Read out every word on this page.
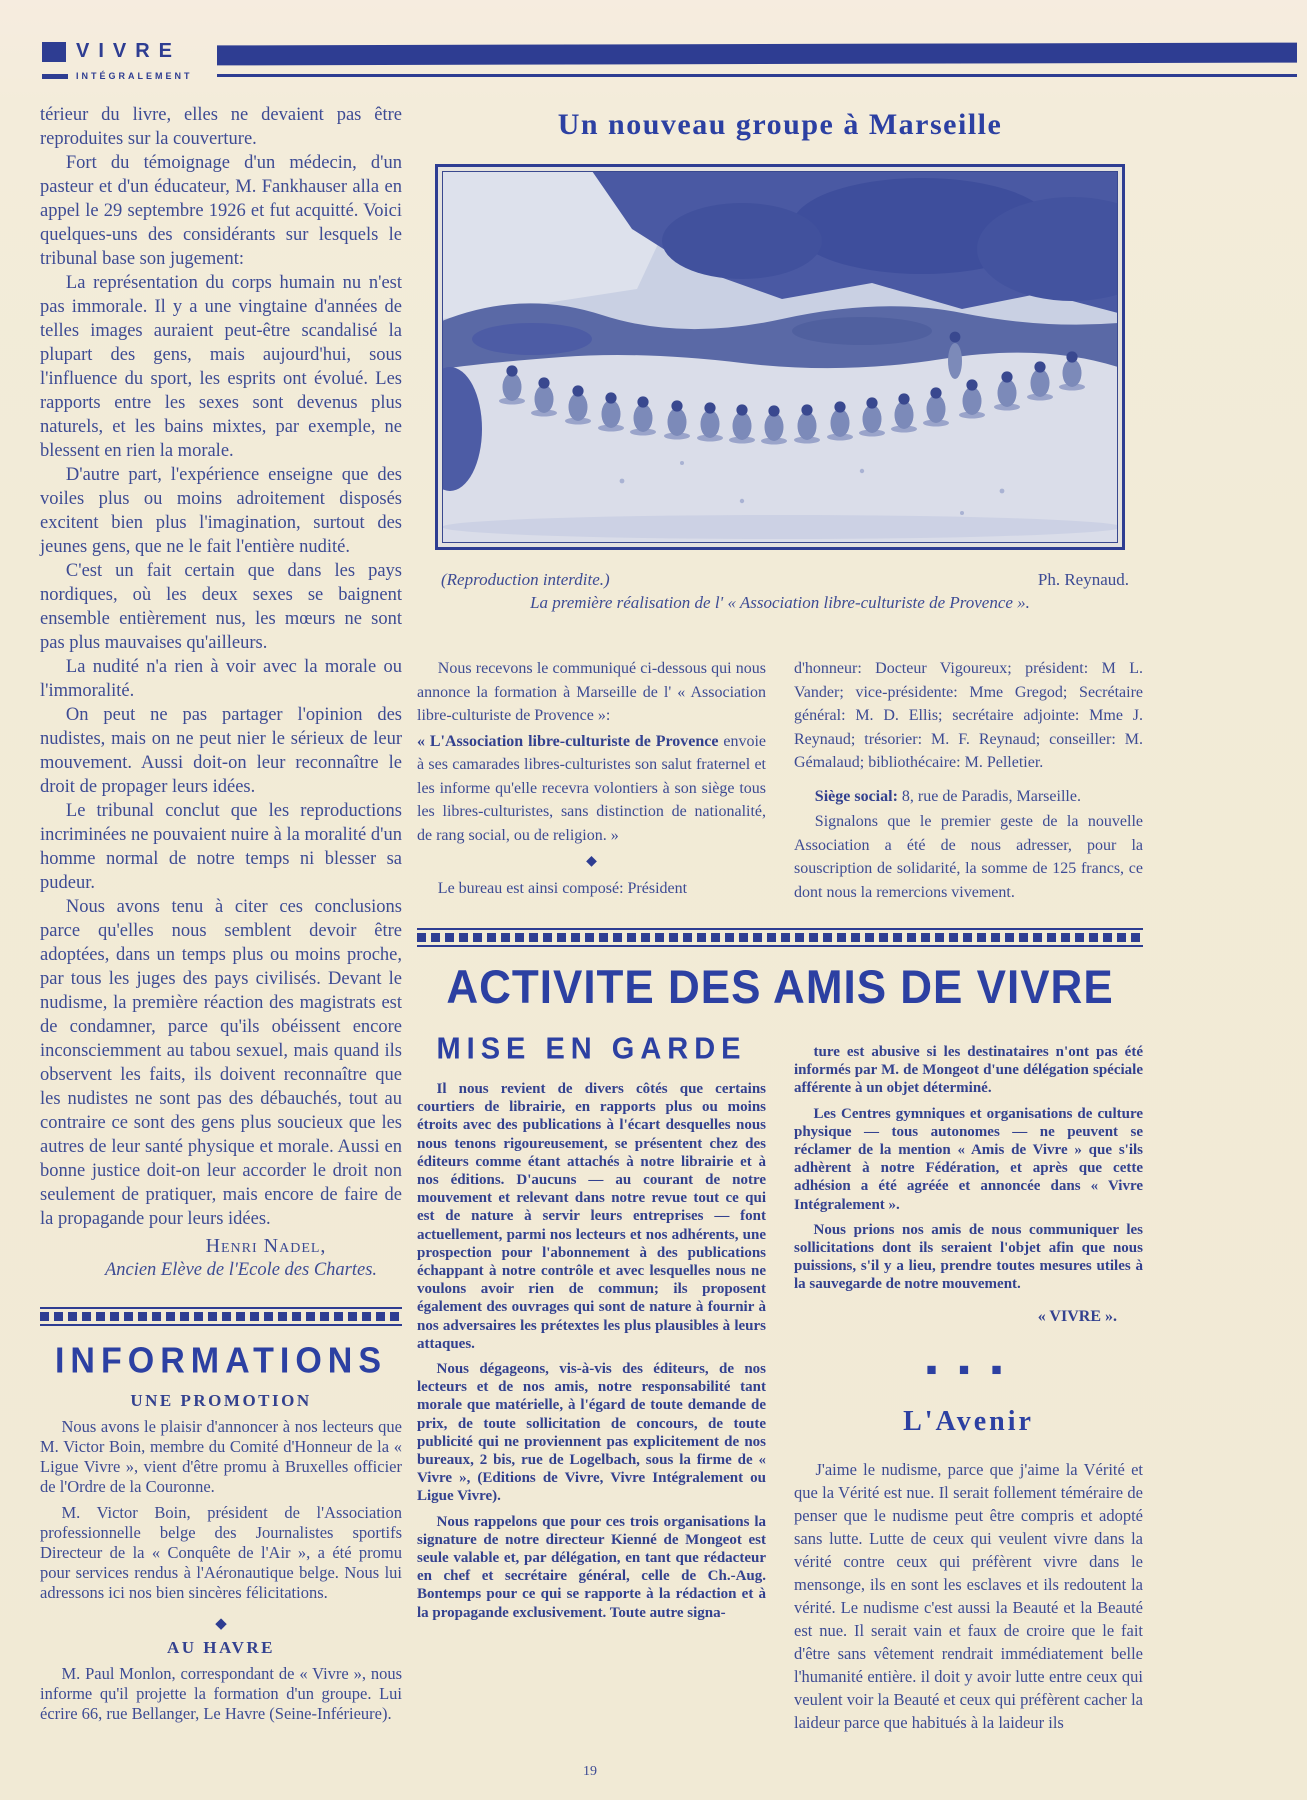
VIVRE
INTÉGRALEMENT

térieur du livre, elles ne devaient pas être reproduites sur la couverture.

Fort du témoignage d'un médecin, d'un pasteur et d'un éducateur, M. Fankhauser alla en appel le 29 septembre 1926 et fut acquitté. Voici quelques-uns des considérants sur lesquels le tribunal base son jugement:

La représentation du corps humain nu n'est pas immorale. Il y a une vingtaine d'années de telles images auraient peut-être scandalisé la plupart des gens, mais aujourd'hui, sous l'influence du sport, les esprits ont évolué. Les rapports entre les sexes sont devenus plus naturels, et les bains mixtes, par exemple, ne blessent en rien la morale.

D'autre part, l'expérience enseigne que des voiles plus ou moins adroitement disposés excitent bien plus l'imagination, surtout des jeunes gens, que ne le fait l'entière nudité.

C'est un fait certain que dans les pays nordiques, où les deux sexes se baignent ensemble entièrement nus, les mœurs ne sont pas plus mauvaises qu'ailleurs.

La nudité n'a rien à voir avec la morale ou l'immoralité.

On peut ne pas partager l'opinion des nudistes, mais on ne peut nier le sérieux de leur mouvement. Aussi doit-on leur reconnaître le droit de propager leurs idées.

Le tribunal conclut que les reproductions incriminées ne pouvaient nuire à la moralité d'un homme normal de notre temps ni blesser sa pudeur.

Nous avons tenu à citer ces conclusions parce qu'elles nous semblent devoir être adoptées, dans un temps plus ou moins proche, par tous les juges des pays civilisés. Devant le nudisme, la première réaction des magistrats est de condamner, parce qu'ils obéissent encore inconsciemment au tabou sexuel, mais quand ils observent les faits, ils doivent reconnaître que les nudistes ne sont pas des débauchés, tout au contraire ce sont des gens plus soucieux que les autres de leur santé physique et morale. Aussi en bonne justice doit-on leur accorder le droit non seulement de pratiquer, mais encore de faire de la propagande pour leurs idées.

Henri Nadel,
Ancien Elève de l'Ecole des Chartes.
INFORMATIONS
UNE PROMOTION

Nous avons le plaisir d'annoncer à nos lecteurs que M. Victor Boin, membre du Comité d'Honneur de la « Ligue Vivre », vient d'être promu à Bruxelles officier de l'Ordre de la Couronne.

M. Victor Boin, président de l'Association professionnelle belge des Journalistes sportifs Directeur de la « Conquête de l'Air », a été promu pour services rendus à l'Aéronautique belge. Nous lui adressons ici nos bien sincères félicitations.

◆
AU HAVRE

M. Paul Monlon, correspondant de « Vivre », nous informe qu'il projette la formation d'un groupe. Lui écrire 66, rue Bellanger, Le Havre (Seine-Inférieure).

Un nouveau groupe à Marseille
(Reproduction interdite.)	Ph. Reynaud.
La première réalisation de l' « Association libre-culturiste de Provence ».

Nous recevons le communiqué ci-dessous qui nous annonce la formation à Marseille de l' « Association libre-culturiste de Provence »:

« L'Association libre-culturiste de Provence envoie à ses camarades libres-culturistes son salut fraternel et les informe qu'elle recevra volontiers à son siège tous les libres-culturistes, sans distinction de nationalité, de rang social, ou de religion. »

◆

Le bureau est ainsi composé: Président

d'honneur: Docteur Vigoureux; président: M L. Vander; vice-présidente: Mme Gregod; Secrétaire général: M. D. Ellis; secrétaire adjointe: Mme J. Reynaud; trésorier: M. F. Reynaud; conseiller: M. Gémalaud; bibliothécaire: M. Pelletier.

Siège social: 8, rue de Paradis, Marseille.

Signalons que le premier geste de la nouvelle Association a été de nous adresser, pour la souscription de solidarité, la somme de 125 francs, ce dont nous la remercions vivement.

ACTIVITE DES AMIS DE VIVRE
MISE EN GARDE

Il nous revient de divers côtés que certains courtiers de librairie, en rapports plus ou moins étroits avec des publications à l'écart desquelles nous nous tenons rigoureusement, se présentent chez des éditeurs comme étant attachés à notre librairie et à nos éditions. D'aucuns — au courant de notre mouvement et relevant dans notre revue tout ce qui est de nature à servir leurs entreprises — font actuellement, parmi nos lecteurs et nos adhérents, une prospection pour l'abonnement à des publications échappant à notre contrôle et avec lesquelles nous ne voulons avoir rien de commun; ils proposent également des ouvrages qui sont de nature à fournir à nos adversaires les prétextes les plus plausibles à leurs attaques.

Nous dégageons, vis-à-vis des éditeurs, de nos lecteurs et de nos amis, notre responsabilité tant morale que matérielle, à l'égard de toute demande de prix, de toute sollicitation de concours, de toute publicité qui ne proviennent pas explicitement de nos bureaux, 2 bis, rue de Logelbach, sous la firme de « Vivre », (Editions de Vivre, Vivre Intégralement ou Ligue Vivre).

Nous rappelons que pour ces trois organisations la signature de notre directeur Kienné de Mongeot est seule valable et, par délégation, en tant que rédacteur en chef et secrétaire général, celle de Ch.-Aug. Bontemps pour ce qui se rapporte à la rédaction et à la propagande exclusivement. Toute autre signa-

ture est abusive si les destinataires n'ont pas été informés par M. de Mongeot d'une délégation spéciale afférente à un objet déterminé.

Les Centres gymniques et organisations de culture physique — tous autonomes — ne peuvent se réclamer de la mention « Amis de Vivre » que s'ils adhèrent à notre Fédération, et après que cette adhésion a été agréée et annoncée dans « Vivre Intégralement ».

Nous prions nos amis de nous communiquer les sollicitations dont ils seraient l'objet afin que nous puissions, s'il y a lieu, prendre toutes mesures utiles à la sauvegarde de notre mouvement.

« VIVRE ».
■ ■ ■
L'Avenir

J'aime le nudisme, parce que j'aime la Vérité et que la Vérité est nue. Il serait follement téméraire de penser que le nudisme peut être compris et adopté sans lutte. Lutte de ceux qui veulent vivre dans la vérité contre ceux qui préfèrent vivre dans le mensonge, ils en sont les esclaves et ils redoutent la vérité. Le nudisme c'est aussi la Beauté et la Beauté est nue. Il serait vain et faux de croire que le fait d'être sans vêtement rendrait immédiatement belle l'humanité entière. il doit y avoir lutte entre ceux qui veulent voir la Beauté et ceux qui préfèrent cacher la laideur parce que habitués à la laideur ils

19
